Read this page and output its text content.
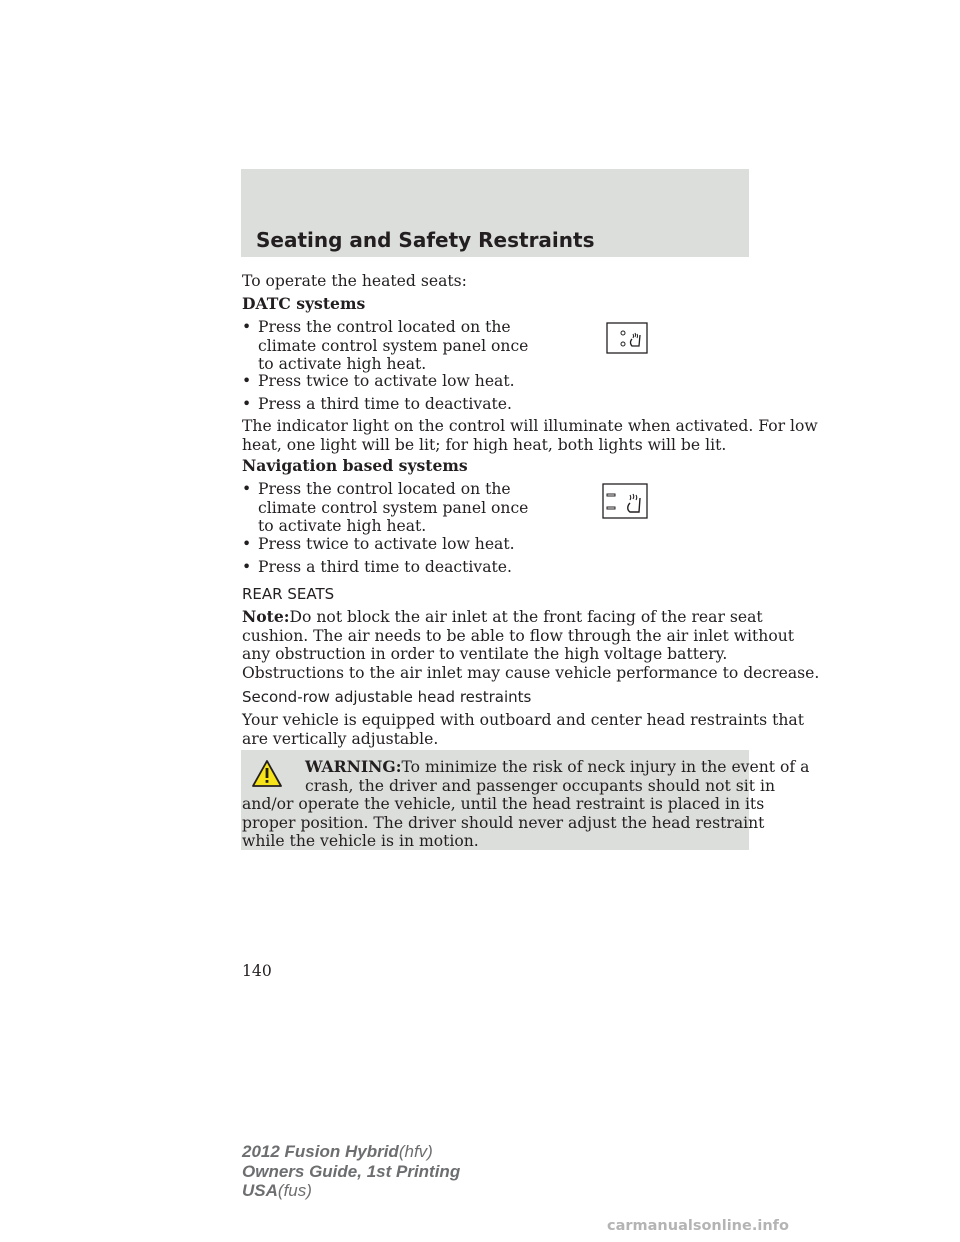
Seating and Safety Restraints
To operate the heated seats:
DATC systems
• Press the control located on the
climate control system panel once
to activate high heat.
• Press twice to activate low heat.
• Press a third time to deactivate.
The indicator light on the control will illuminate when activated. For low
heat, one light will be lit; for high heat, both lights will be lit.
Navigation based systems
• Press the control located on the
climate control system panel once
to activate high heat.
• Press twice to activate low heat.
• Press a third time to deactivate.
REAR SEATS
Note:Do not block the air inlet at the front facing of the rear seat
cushion. The air needs to be able to flow through the air inlet without
any obstruction in order to ventilate the high voltage battery.
Obstructions to the air inlet may cause vehicle performance to decrease.
Second-row adjustable head restraints
Your vehicle is equipped with outboard and center head restraints that
are vertically adjustable.
WARNING:To minimize the risk of neck injury in the event of a
crash, the driver and passenger occupants should not sit in
and/or operate the vehicle, until the head restraint is placed in its
proper position. The driver should never adjust the head restraint
while the vehicle is in motion.
140
2012 Fusion Hybrid(hfv)
Owners Guide, 1st Printing
USA(fus)
carmanualsonline.info
